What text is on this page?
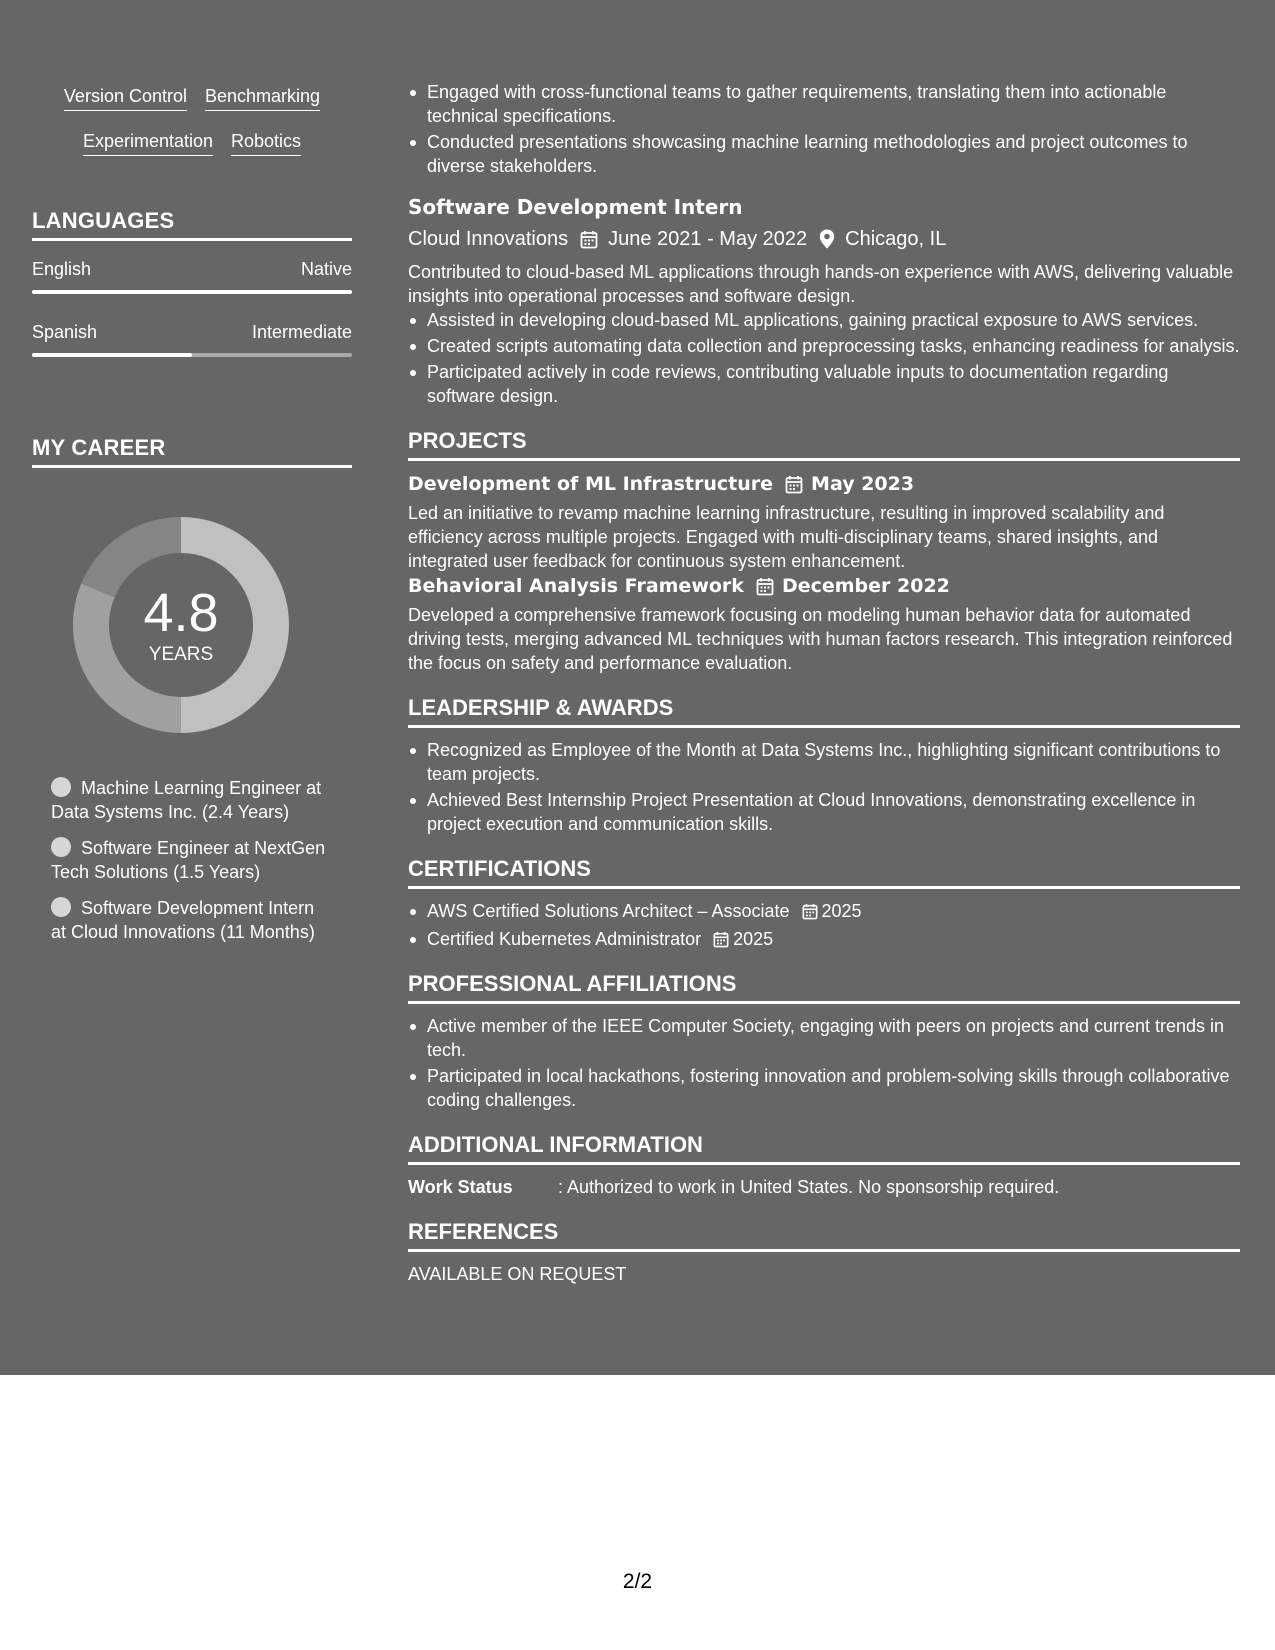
Version Control Benchmarking
Experimentation Robotics
LANGUAGES
English	Native
Spanish	Intermediate
MY CAREER
4.8
YEARS
Machine Learning Engineer at Data Systems Inc. (2.4 Years)
Software Engineer at NextGen Tech Solutions (1.5 Years)
Software Development Intern at Cloud Innovations (11 Months)
Engaged with cross-functional teams to gather requirements, translating them into actionable technical specifications.
Conducted presentations showcasing machine learning methodologies and project outcomes to diverse stakeholders.
Software Development Intern
Cloud Innovations June 2021 - May 2022 Chicago, IL
Contributed to cloud-based ML applications through hands-on experience with AWS, delivering valuable insights into operational processes and software design.
Assisted in developing cloud-based ML applications, gaining practical exposure to AWS services.
Created scripts automating data collection and preprocessing tasks, enhancing readiness for analysis.
Participated actively in code reviews, contributing valuable inputs to documentation regarding software design.
PROJECTS
Development of ML Infrastructure May 2023
Led an initiative to revamp machine learning infrastructure, resulting in improved scalability and efficiency across multiple projects. Engaged with multi-disciplinary teams, shared insights, and integrated user feedback for continuous system enhancement.
Behavioral Analysis Framework December 2022
Developed a comprehensive framework focusing on modeling human behavior data for automated driving tests, merging advanced ML techniques with human factors research. This integration reinforced the focus on safety and performance evaluation.
LEADERSHIP & AWARDS
Recognized as Employee of the Month at Data Systems Inc., highlighting significant contributions to team projects.
Achieved Best Internship Project Presentation at Cloud Innovations, demonstrating excellence in project execution and communication skills.
CERTIFICATIONS
AWS Certified Solutions Architect – Associate 2025
Certified Kubernetes Administrator 2025
PROFESSIONAL AFFILIATIONS
Active member of the IEEE Computer Society, engaging with peers on projects and current trends in tech.
Participated in local hackathons, fostering innovation and problem-solving skills through collaborative coding challenges.
ADDITIONAL INFORMATION
Work Status	: Authorized to work in United States. No sponsorship required.
REFERENCES
AVAILABLE ON REQUEST
2/2
